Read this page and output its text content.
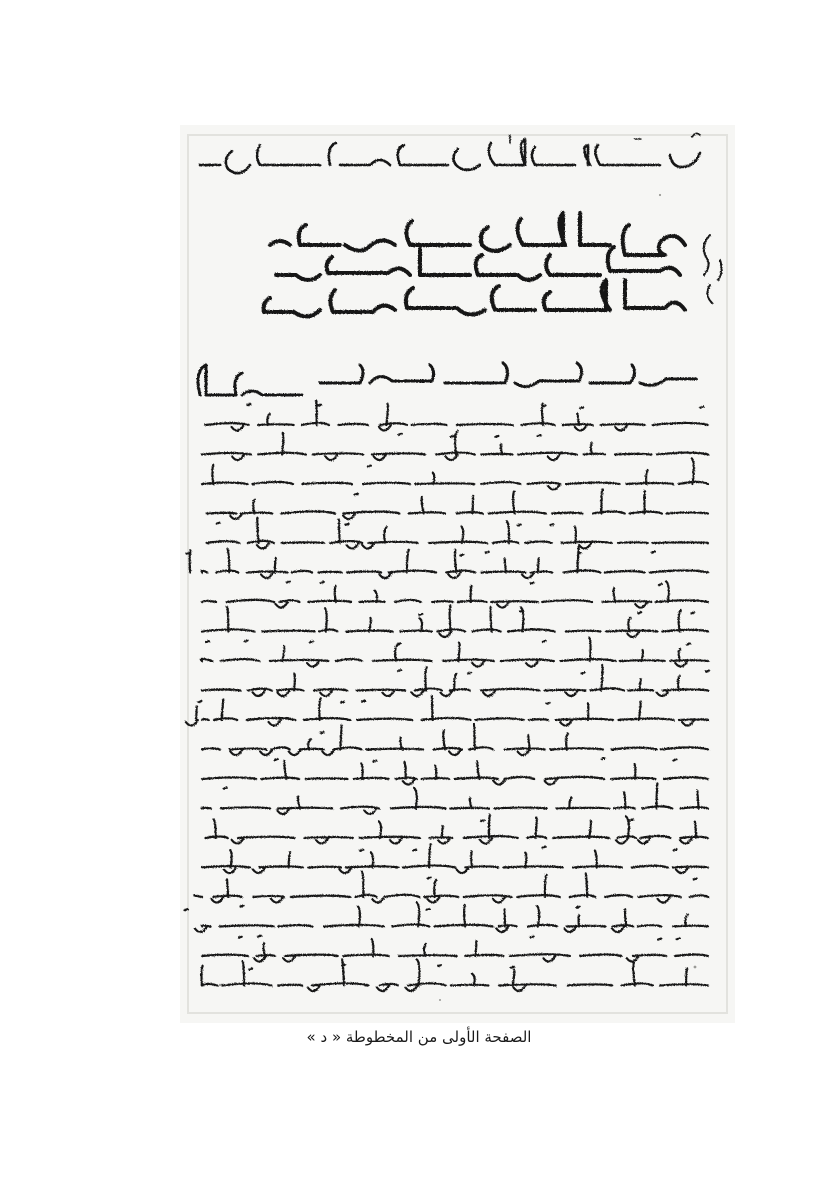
الصفحة الأولى من المخطوطة « د »
